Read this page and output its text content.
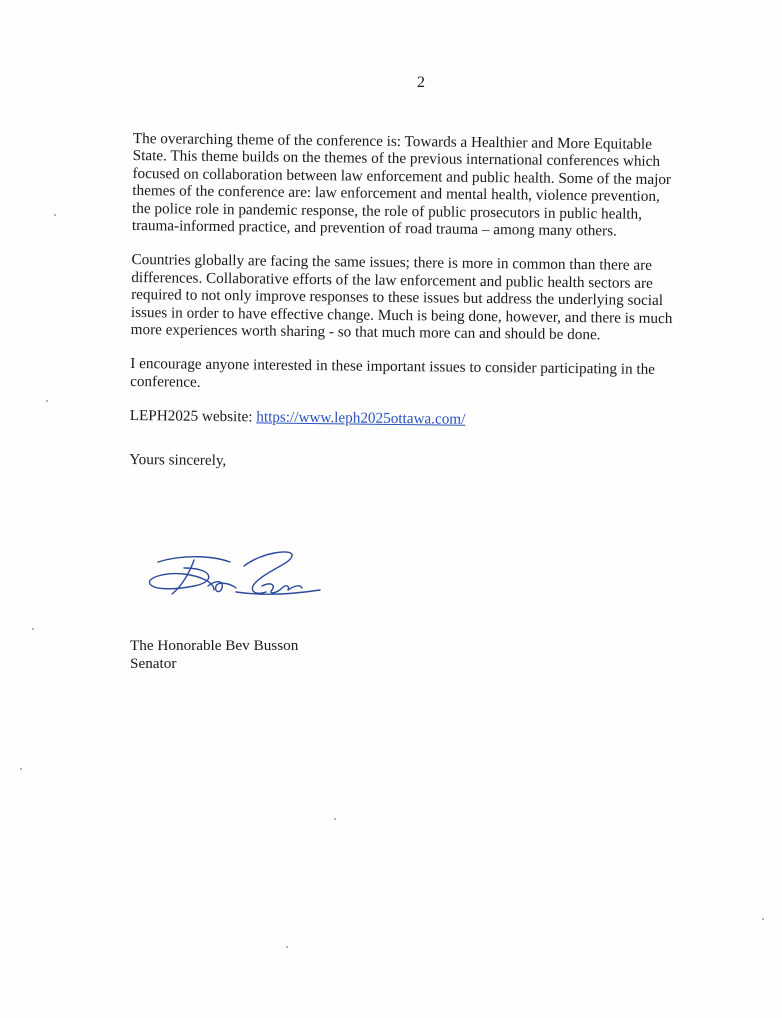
2

The overarching theme of the conference is: Towards a Healthier and More Equitable State. This theme builds on the themes of the previous international conferences which focused on collaboration between law enforcement and public health. Some of the major themes of the conference are: law enforcement and mental health, violence prevention, the police role in pandemic response, the role of public prosecutors in public health, trauma-informed practice, and prevention of road trauma – among many others.

Countries globally are facing the same issues; there is more in common than there are differences. Collaborative efforts of the law enforcement and public health sectors are required to not only improve responses to these issues but address the underlying social issues in order to have effective change. Much is being done, however, and there is much more experiences worth sharing - so that much more can and should be done.

I encourage anyone interested in these important issues to consider participating in the conference.

LEPH2025 website: https://www.leph2025ottawa.com/

Yours sincerely,

The Honorable Bev Busson
Senator
